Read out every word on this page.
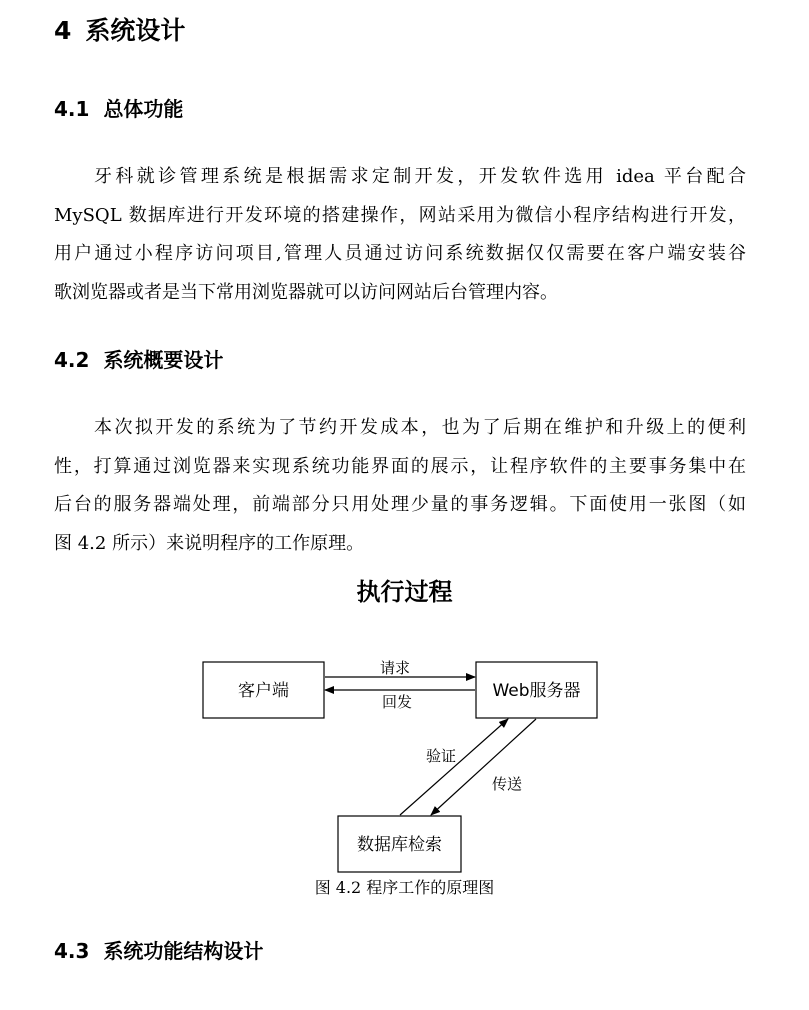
4 系统设计
4.1 总体功能

牙科就诊管理系统是根据需求定制开发，开发软件选用 idea 平台配合
MySQL 数据库进行开发环境的搭建操作，网站采用为微信小程序结构进行开发，
用户通过小程序访问项目,管理人员通过访问系统数据仅仅需要在客户端安装谷
歌浏览器或者是当下常用浏览器就可以访问网站后台管理内容。

4.2 系统概要设计

本次拟开发的系统为了节约开发成本，也为了后期在维护和升级上的便利
性，打算通过浏览器来实现系统功能界面的展示，让程序软件的主要事务集中在
后台的服务器端处理，前端部分只用处理少量的事务逻辑。下面使用一张图（如
图 4.2 所示）来说明程序的工作原理。

执行过程

客户端	Web服务器
数据库检索
请求
回发
验证
传送

图 4.2 程序工作的原理图

4.3 系统功能结构设计
